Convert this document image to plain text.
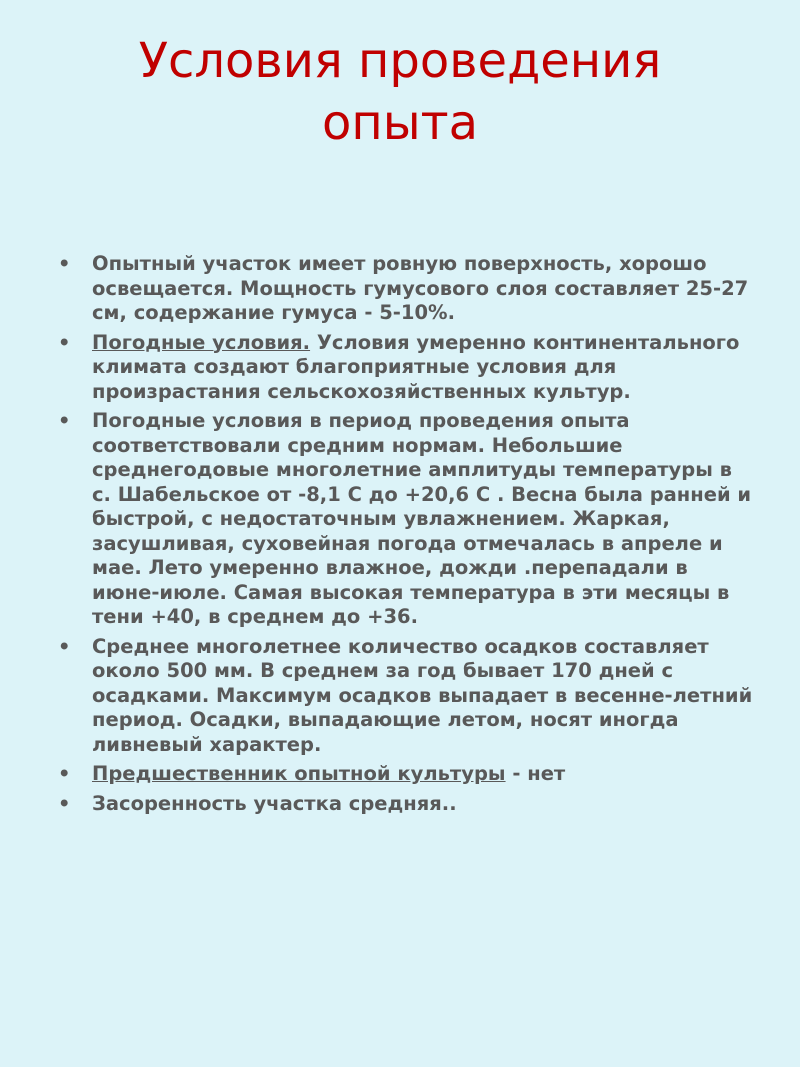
Условия проведения
опыта
• Опытный участок имеет ровную поверхность, хорошо освещается. Мощность гумусового слоя составляет 25-27 см, содержание гумуса - 5-10%.
• Погодные условия. Условия умеренно континентального климата создают благоприятные условия для произрастания сельскохозяйственных культур.
• Погодные условия в период проведения опыта соответствовали средним нормам. Небольшие среднегодовые многолетние амплитуды температуры в с. Шабельское от -8,1 С до +20,6 С . Весна была ранней и быстрой, с недостаточным увлажнением. Жаркая, засушливая, суховейная погода отмечалась в апреле и мае. Лето умеренно влажное, дожди .перепадали в июне-июле. Самая высокая температура в эти месяцы в тени +40, в среднем до +36.
• Среднее многолетнее количество осадков составляет около 500 мм. В среднем за год бывает 170 дней с осадками. Максимум осадков выпадает в весенне-летний период. Осадки, выпадающие летом, носят иногда ливневый характер.
• Предшественник опытной культуры - нет
• Засоренность участка средняя..
